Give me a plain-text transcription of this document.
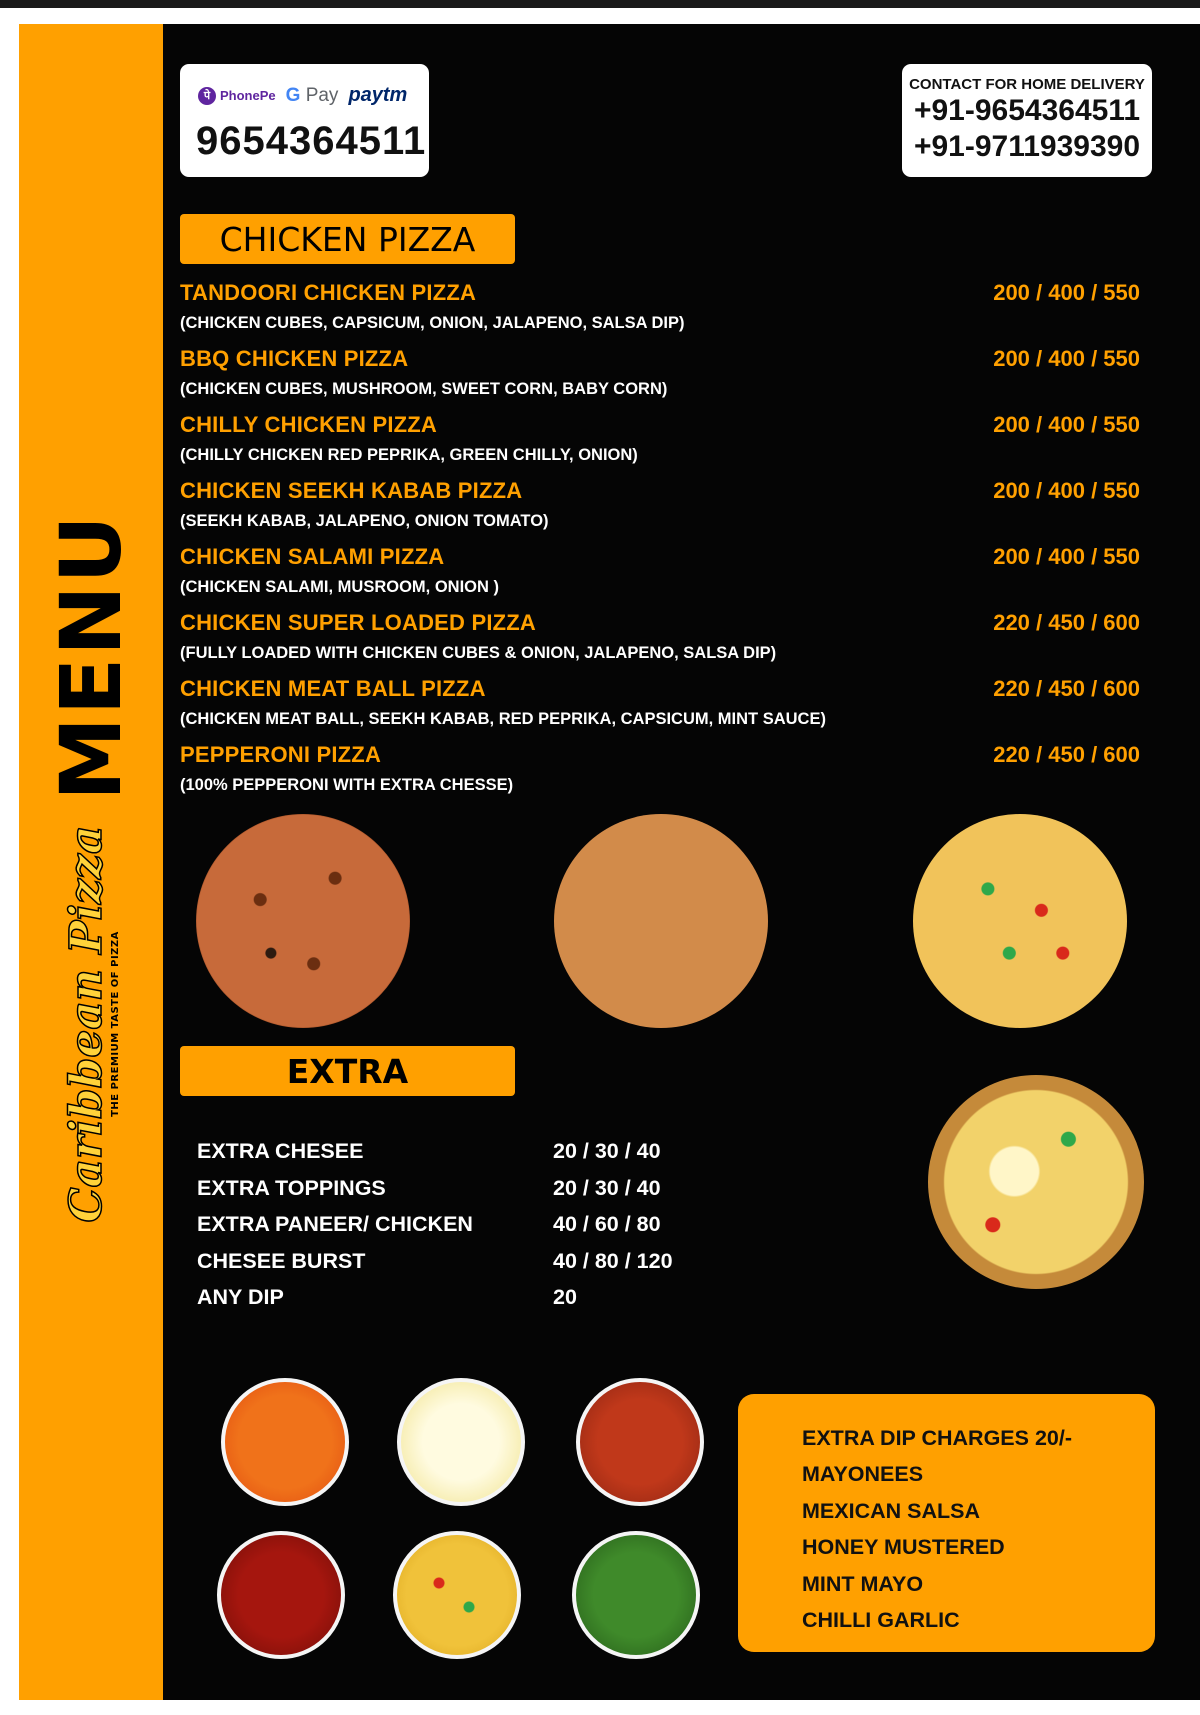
MENU
Caribbean Pizza
THE PREMIUM TASTE OF PIZZA
पे PhonePe G Pay paytm
9654364511
CONTACT FOR HOME DELIVERY
+91-9654364511
+91-9711939390
CHICKEN PIZZA
TANDOORI CHICKEN PIZZA	200 / 400 / 550
(CHICKEN CUBES, CAPSICUM, ONION, JALAPENO, SALSA DIP)
BBQ CHICKEN PIZZA	200 / 400 / 550
(CHICKEN CUBES, MUSHROOM, SWEET CORN, BABY CORN)
CHILLY CHICKEN PIZZA	200 / 400 / 550
(CHILLY CHICKEN RED PEPRIKA, GREEN CHILLY, ONION)
CHICKEN SEEKH KABAB PIZZA	200 / 400 / 550
(SEEKH KABAB, JALAPENO, ONION TOMATO)
CHICKEN SALAMI PIZZA	200 / 400 / 550
(CHICKEN SALAMI, MUSROOM, ONION )
CHICKEN SUPER LOADED PIZZA	220 / 450 / 600
(FULLY LOADED WITH CHICKEN CUBES & ONION, JALAPENO, SALSA DIP)
CHICKEN MEAT BALL PIZZA	220 / 450 / 600
(CHICKEN MEAT BALL, SEEKH KABAB, RED PEPRIKA, CAPSICUM, MINT SAUCE)
PEPPERONI PIZZA	220 / 450 / 600
(100% PEPPERONI WITH EXTRA CHESSE)
EXTRA
EXTRA CHESEE	20 / 30 / 40
EXTRA TOPPINGS	20 / 30 / 40
EXTRA PANEER/ CHICKEN	40 / 60 / 80
CHESEE BURST	40 / 80 / 120
ANY DIP	20
EXTRA DIP CHARGES 20/-
MAYONEES
MEXICAN SALSA
HONEY MUSTERED
MINT MAYO
CHILLI GARLIC
